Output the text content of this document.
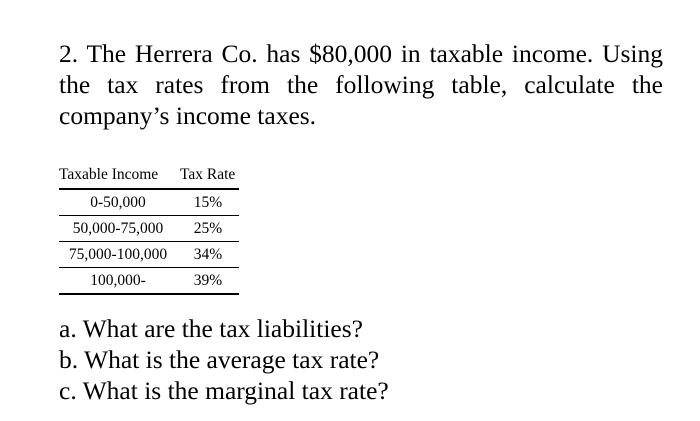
2. The Herrera Co. has $80,000 in taxable income. Using the tax rates from the following table, calculate the company’s income taxes.

Taxable Income	Tax Rate
0-50,000	15%
50,000-75,000	25%
75,000-100,000	34%
100,000-	39%
a. What are the tax liabilities?
b. What is the average tax rate?
c. What is the marginal tax rate?
